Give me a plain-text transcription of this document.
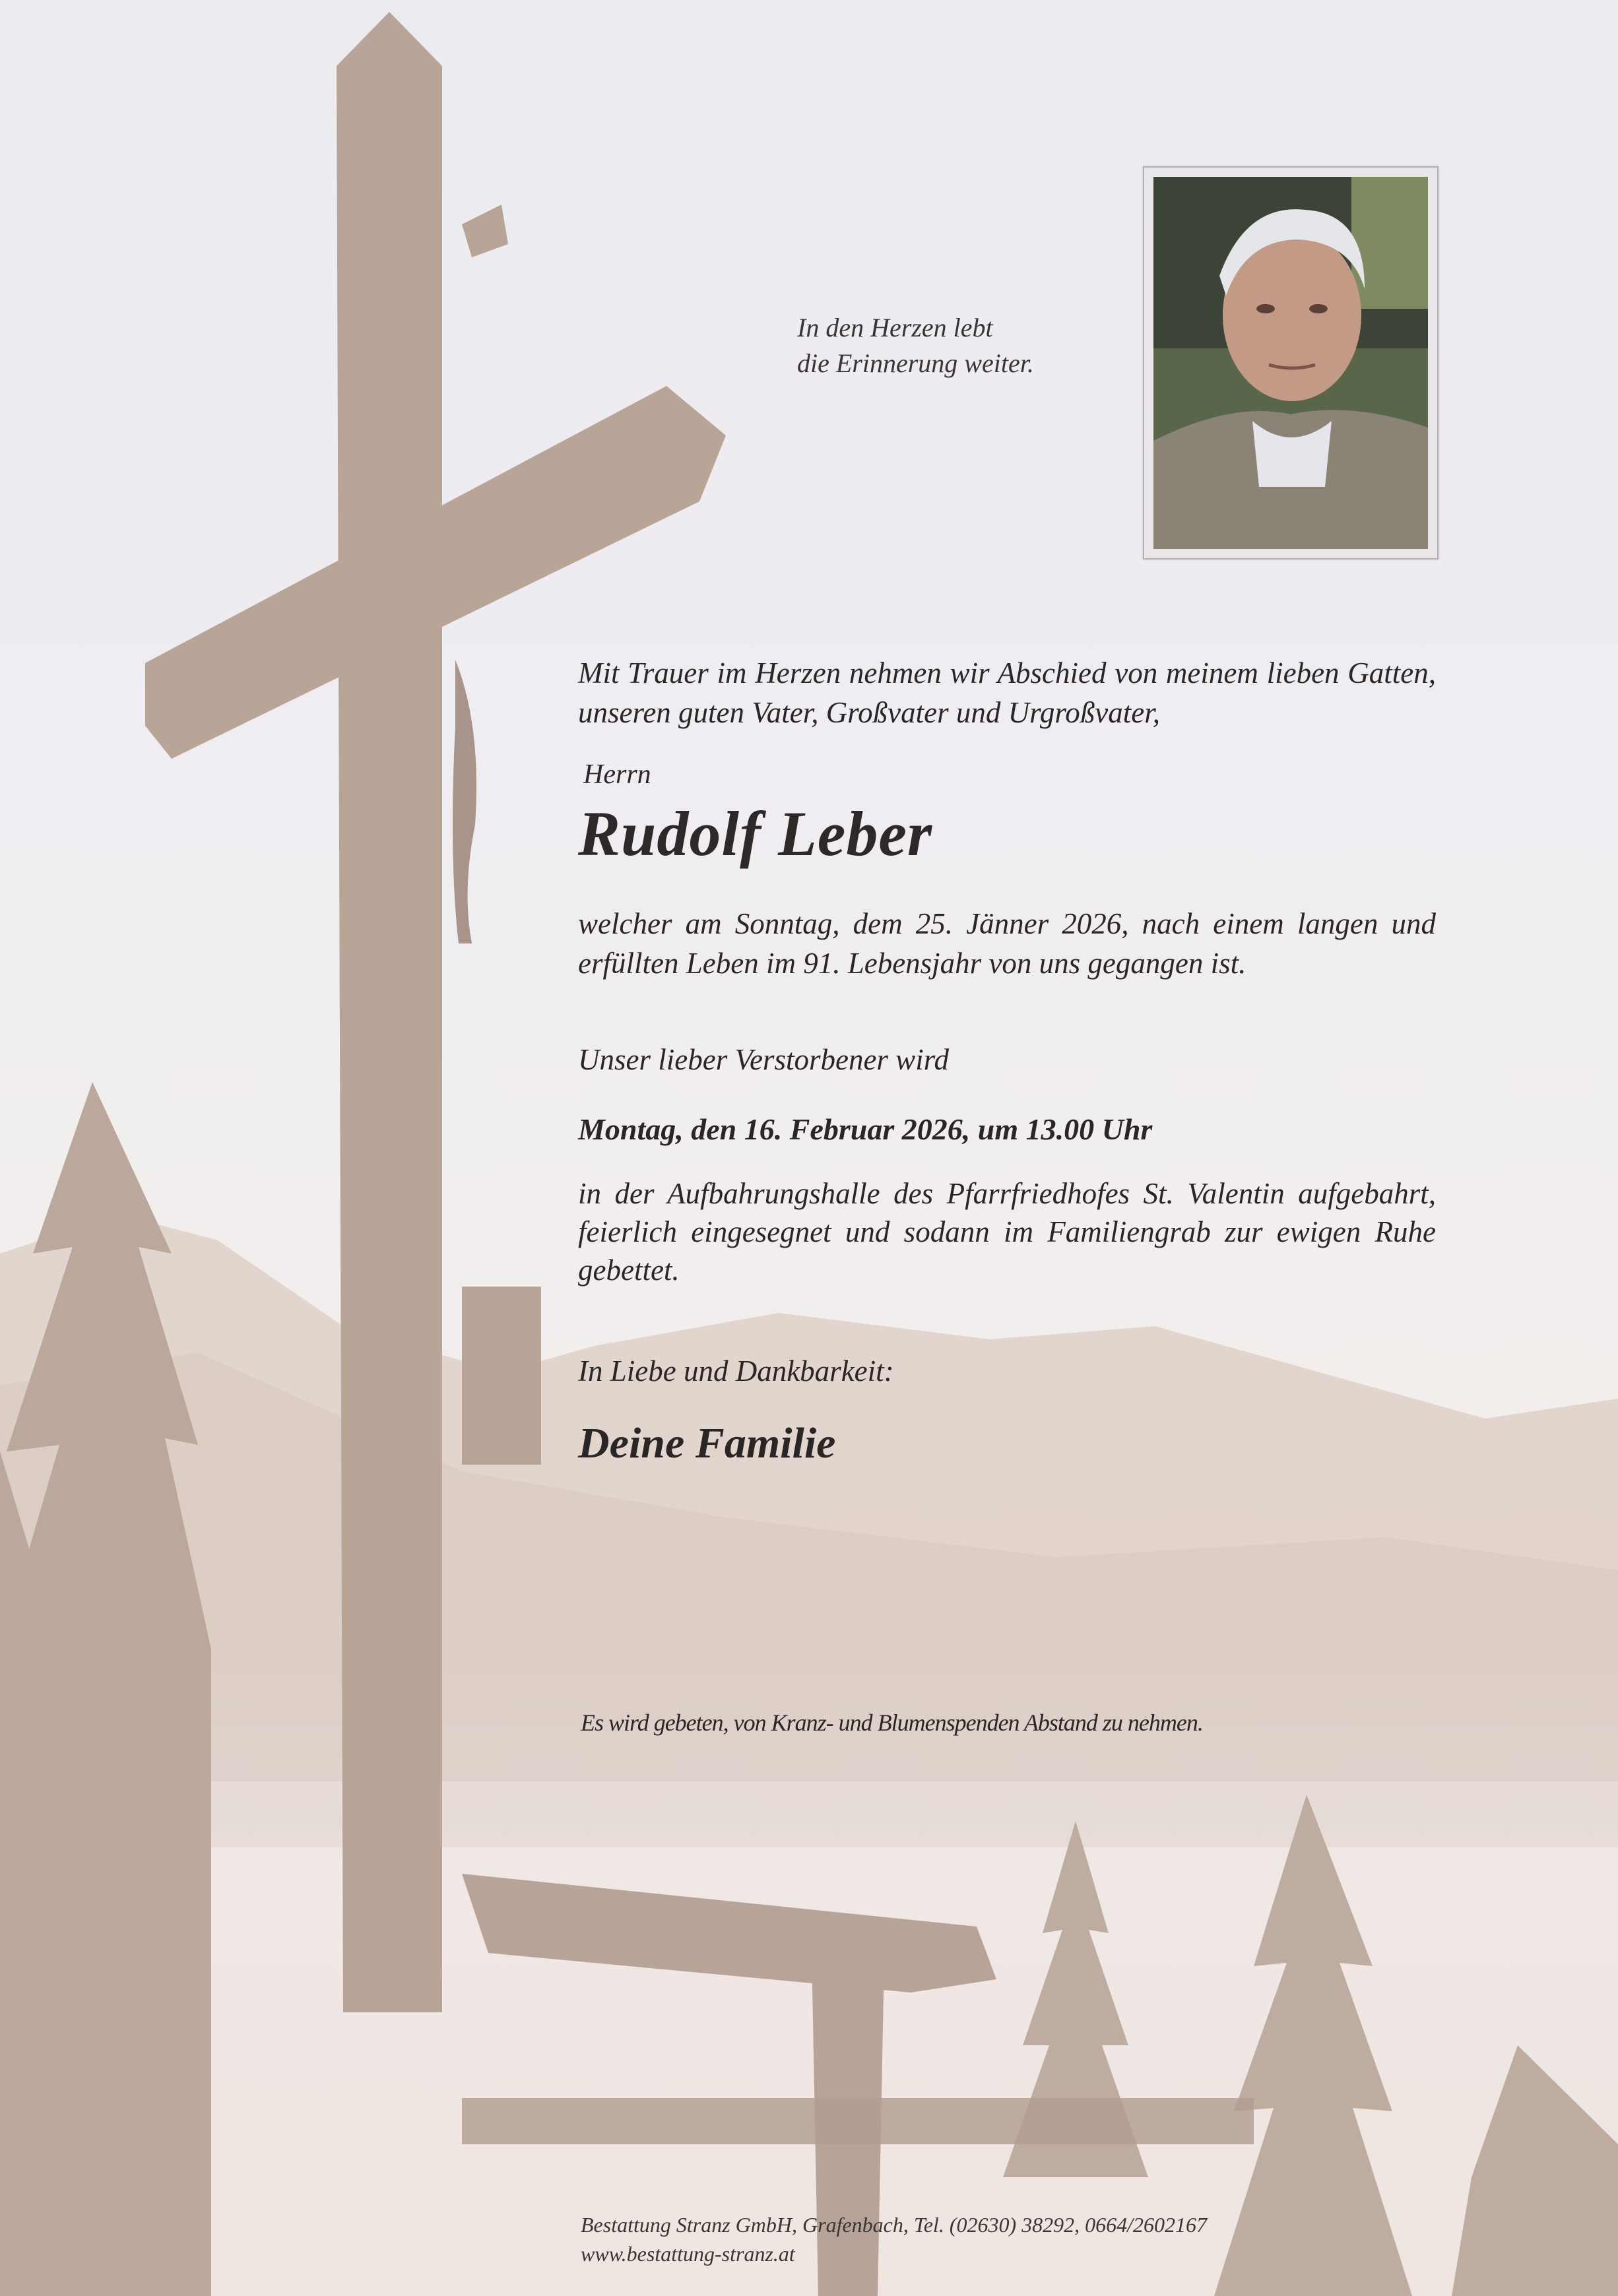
In den Herzen lebt
die Erinnerung weiter.
Mit Trauer im Herzen nehmen wir Abschied von meinem lieben Gatten, unseren guten Vater, Großvater und Urgroßvater,
Herrn
Rudolf Leber
welcher am Sonntag, dem 25. Jänner 2026, nach einem langen und erfüllten Leben im 91. Lebensjahr von uns gegangen ist.
Unser lieber Verstorbener wird
Montag, den 16. Februar 2026, um 13.00 Uhr
in der Aufbahrungshalle des Pfarrfriedhofes St. Valentin aufgebahrt, feierlich eingesegnet und sodann im Familiengrab zur ewigen Ruhe gebettet.
In Liebe und Dankbarkeit:
Deine Familie
Es wird gebeten, von Kranz- und Blumenspenden Abstand zu nehmen.
Bestattung Stranz GmbH, Grafenbach, Tel. (02630) 38292, 0664/2602167
www.bestattung-stranz.at
